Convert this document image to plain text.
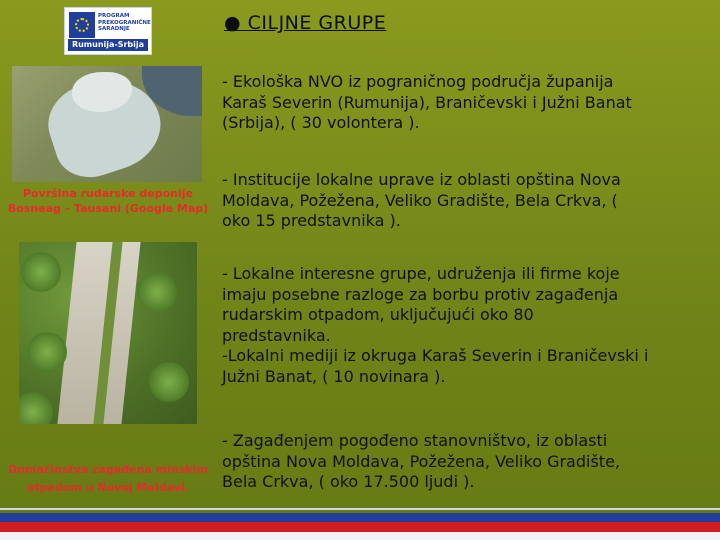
PROGRAM
PREKOGRANIČNE
SARADNJE
Rumunija-Srbija
● CILJNE GRUPE
Površina rudarske deponije
Bosneag – Tausani (Google Map)
Domaćinstva zagađena minskim
otpadom u Novoj Moldavi.

- Ekološka NVO iz pograničnog područja županija

Karaš Severin (Rumunija), Braničevski i Južni Banat

(Srbija), ( 30 volontera ).

- Institucije lokalne uprave iz oblasti opština Nova

Moldava, Požežena, Veliko Gradište, Bela Crkva, (

oko 15 predstavnika ).

- Lokalne interesne grupe, udruženja ili firme koje

imaju posebne razloge za borbu protiv zagađenja

rudarskim otpadom, uključujući oko 80

predstavnika.

-Lokalni mediji iz okruga Karaš Severin i Braničevski i

Južni Banat, ( 10 novinara ).

- Zagađenjem pogođeno stanovništvo, iz oblasti

opština Nova Moldava, Požežena, Veliko Gradište,

Bela Crkva, ( oko 17.500 ljudi ).
